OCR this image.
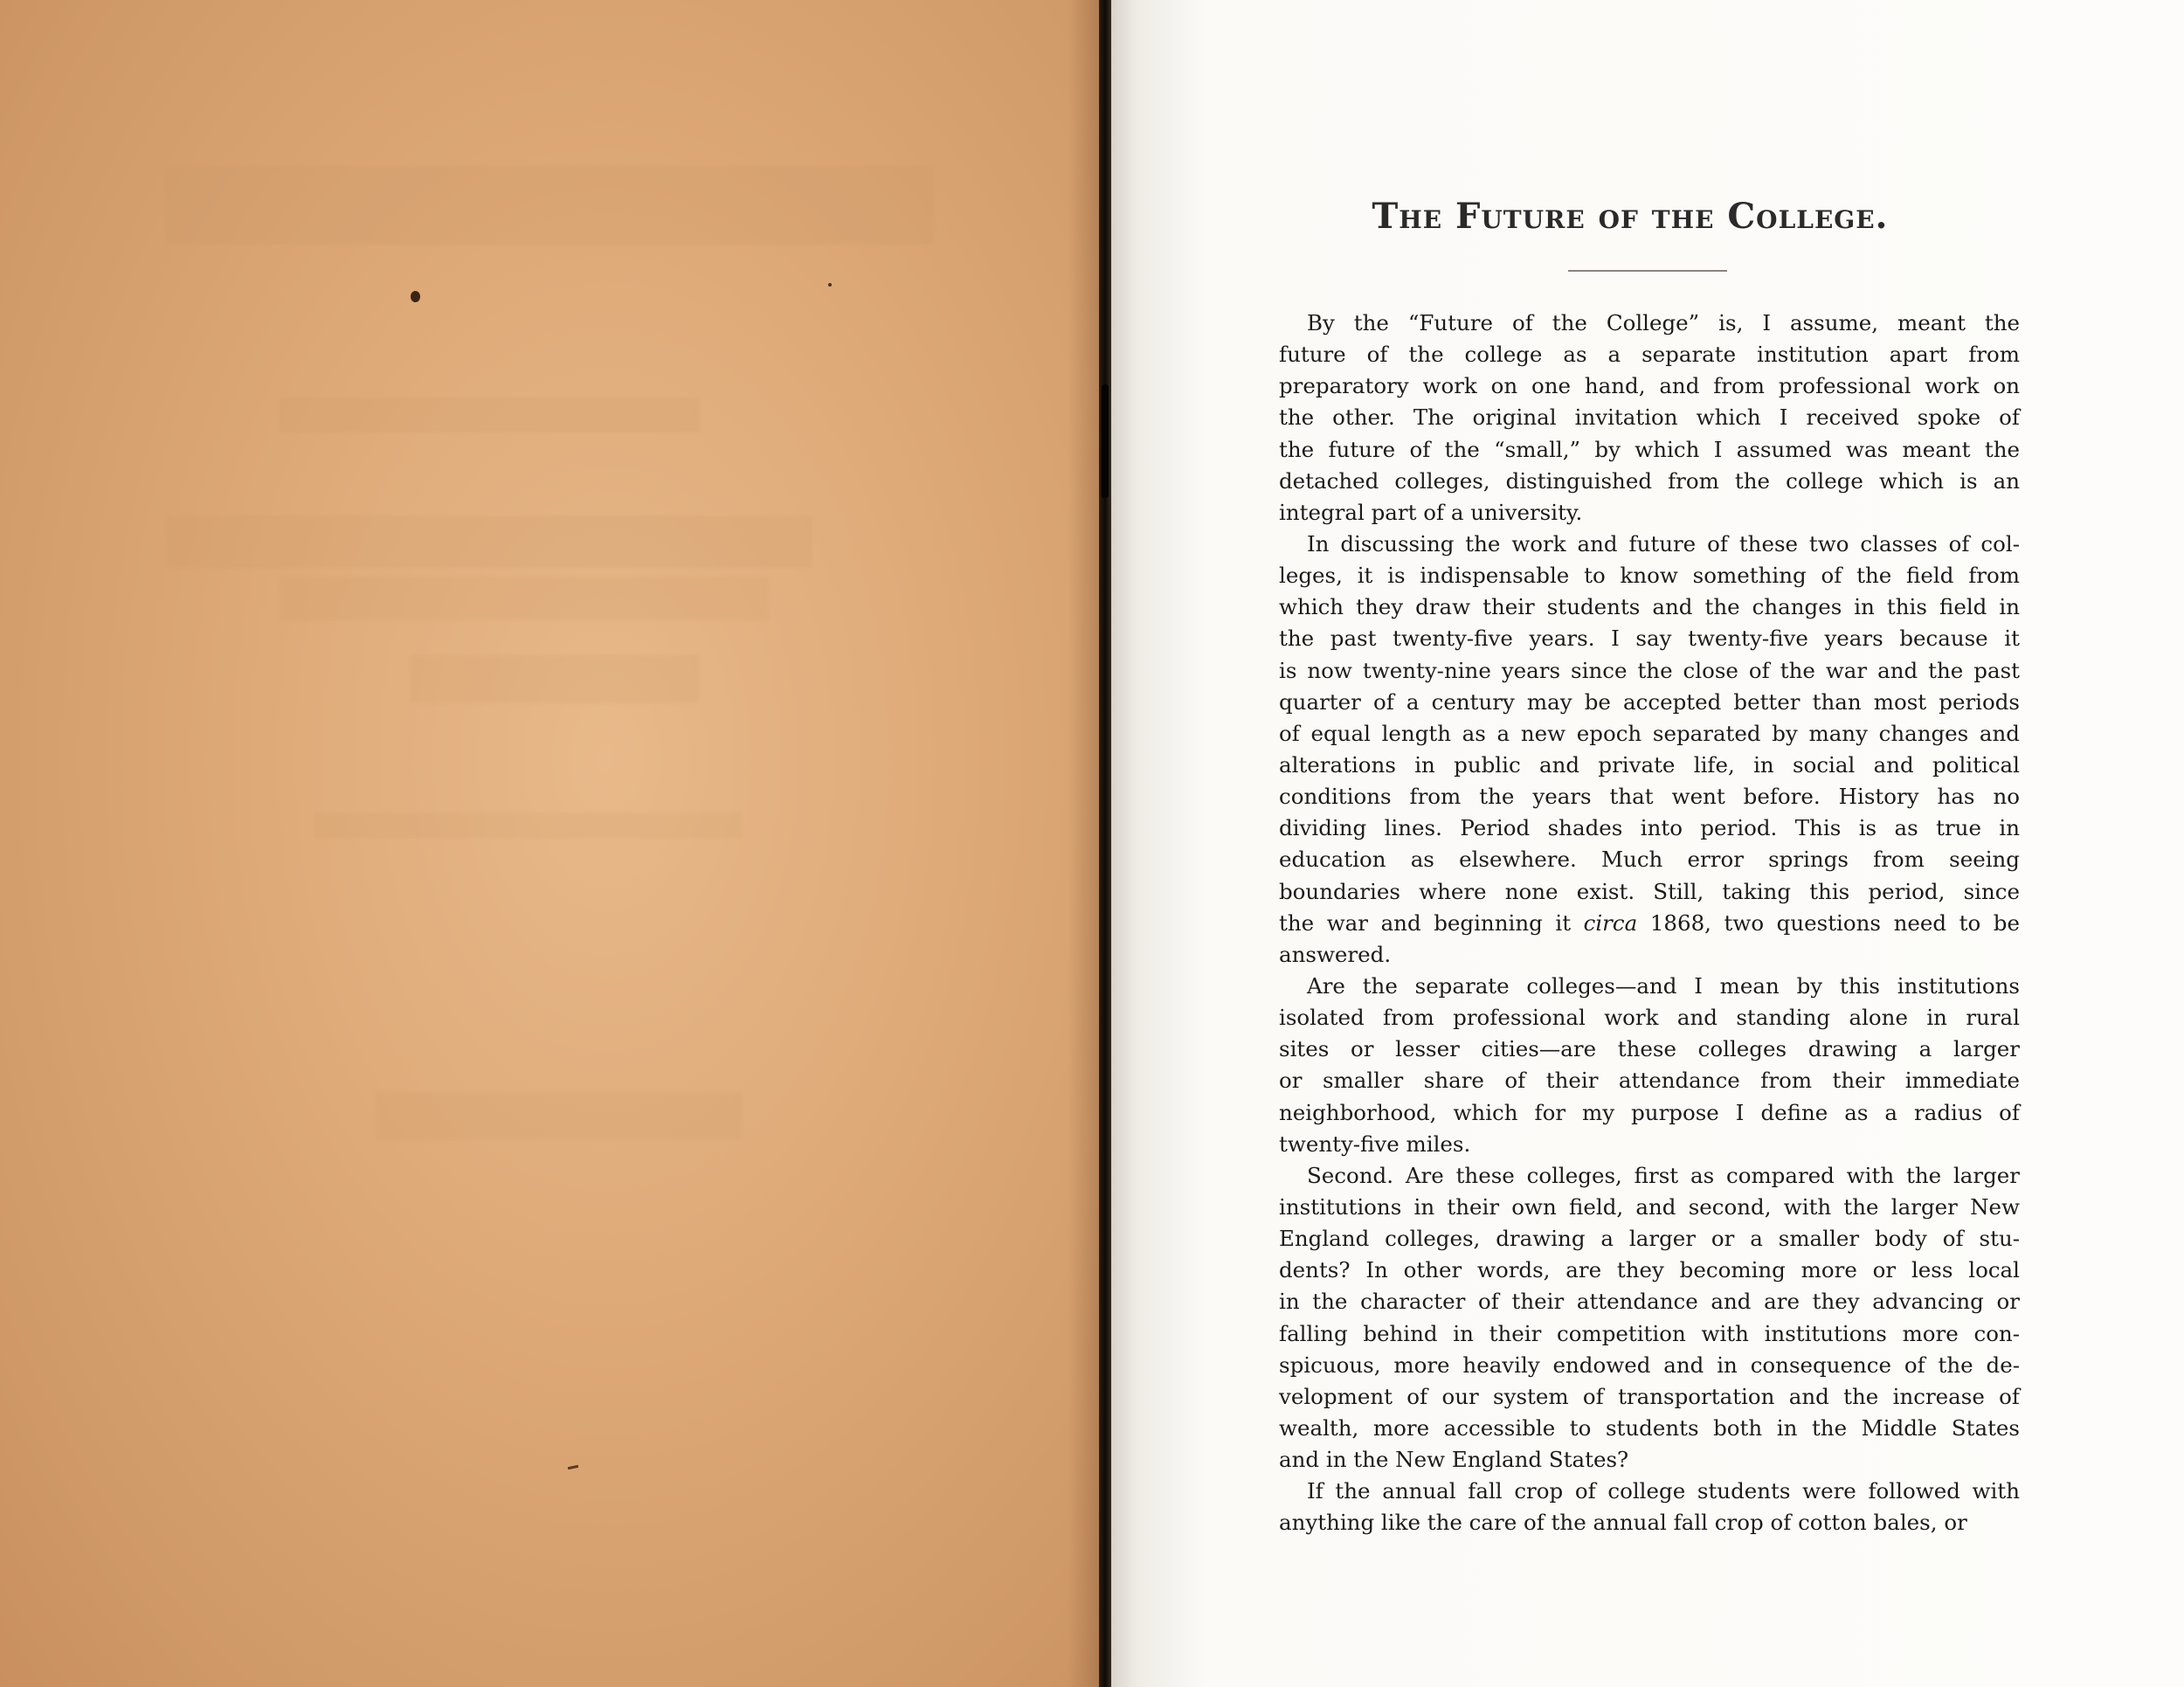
The Future of the College.
By the “Future of the College” is, I assume, meant the
future of the college as a separate institution apart from
preparatory work on one hand, and from professional work on
the other. The original invitation which I received spoke of
the future of the “small,” by which I assumed was meant the
detached colleges, distinguished from the college which is an
integral part of a university.
In discussing the work and future of these two classes of col-
leges, it is indispensable to know something of the field from
which they draw their students and the changes in this field in
the past twenty-five years. I say twenty-five years because it
is now twenty-nine years since the close of the war and the past
quarter of a century may be accepted better than most periods
of equal length as a new epoch separated by many changes and
alterations in public and private life, in social and political
conditions from the years that went before. History has no
dividing lines. Period shades into period. This is as true in
education as elsewhere. Much error springs from seeing
boundaries where none exist. Still, taking this period, since
the war and beginning it circa 1868, two questions need to be
answered.
Are the separate colleges—and I mean by this institutions
isolated from professional work and standing alone in rural
sites or lesser cities—are these colleges drawing a larger
or smaller share of their attendance from their immediate
neighborhood, which for my purpose I define as a radius of
twenty-five miles.
Second. Are these colleges, first as compared with the larger
institutions in their own field, and second, with the larger New
England colleges, drawing a larger or a smaller body of stu-
dents? In other words, are they becoming more or less local
in the character of their attendance and are they advancing or
falling behind in their competition with institutions more con-
spicuous, more heavily endowed and in consequence of the de-
velopment of our system of transportation and the increase of
wealth, more accessible to students both in the Middle States
and in the New England States?
If the annual fall crop of college students were followed with
anything like the care of the annual fall crop of cotton bales, or
